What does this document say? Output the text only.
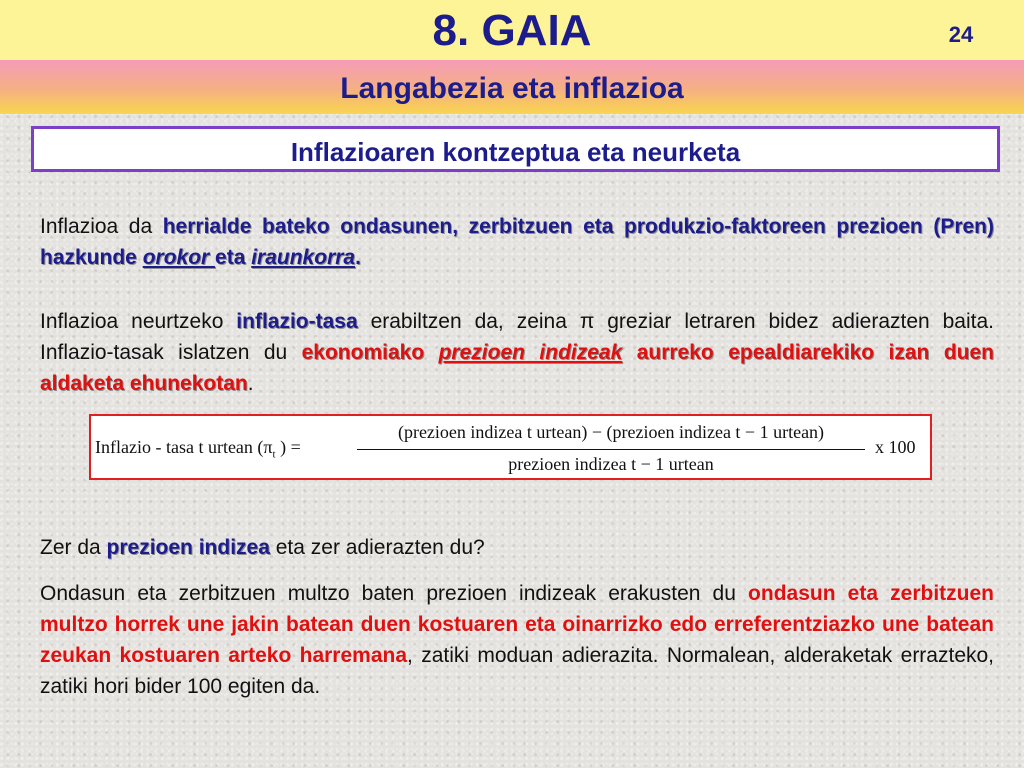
8. GAIA	24
Langabezia eta inflazioa
Inflazioaren kontzeptua eta neurketa
Inflazioa da herrialde bateko ondasunen, zerbitzuen eta produkzio-faktoreen prezioen (Pren) hazkunde orokor eta iraunkorra.
Inflazioa neurtzeko inflazio-tasa erabiltzen da, zeina π greziar letraren bidez adierazten baita. Inflazio-tasak islatzen du ekonomiako prezioen indizeak aurreko epealdiarekiko izan duen aldaketa ehunekotan.
Inflazio - tasa t urtean ($\pi_t$ ) =
(prezioen indizea t urtean) − (prezioen indizea t − 1 urtean)
prezioen indizea t − 1 urtean
x 100
Zer da prezioen indizea eta zer adierazten du?
Ondasun eta zerbitzuen multzo baten prezioen indizeak erakusten du ondasun eta zerbitzuen multzo horrek une jakin batean duen kostuaren eta oinarrizko edo erreferentziazko une batean zeukan kostuaren arteko harremana, zatiki moduan adierazita. Normalean, alderaketak errazteko, zatiki hori bider 100 egiten da.
